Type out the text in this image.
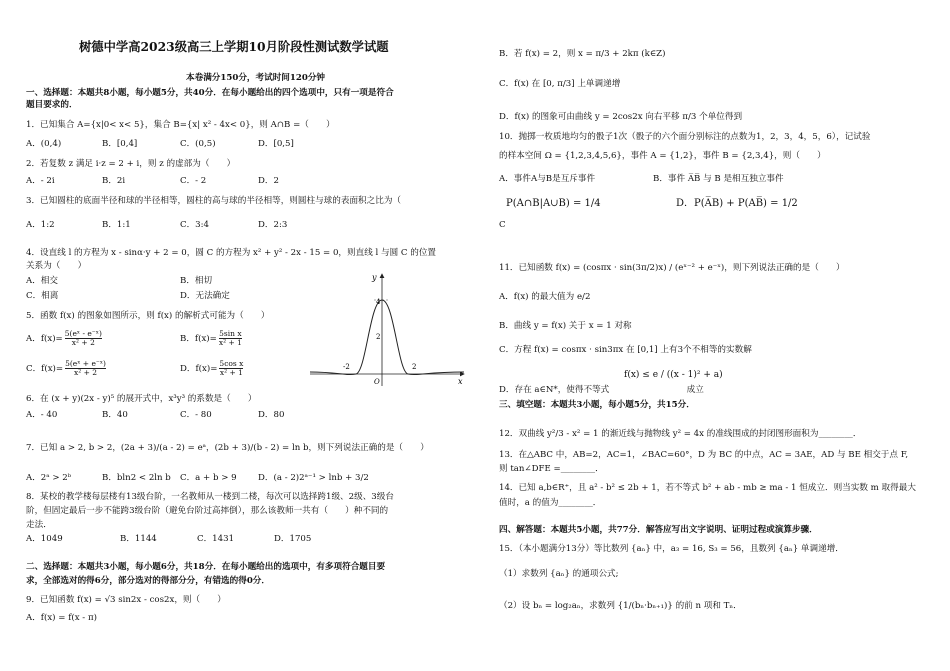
树德中学高2023级高三上学期10月阶段性测试数学试题
本卷满分150分，考试时间120分钟
一、选择题：本题共8小题，每小题5分，共40分．在每小题给出的四个选项中，只有一项是符合
题目要求的．
1．已知集合 A={x|0< x< 5}，集合 B={x| x² - 4x< 0}，则 A∩B =（　　）
A．(0,4)	B．[0,4]	C．(0,5)	D．[0,5]
2．若复数 z 满足 i·z = 2 + i，则 z 的虚部为（　　）
A．- 2i	B．2i	C．- 2	D．2
3．已知圆柱的底面半径和球的半径相等，圆柱的高与球的半径相等，则圆柱与球的表面积之比为（
A．1:2	B．1:1	C．3:4	D．2:3
4．设直线 l 的方程为 x - sinα·y + 2 = 0，圆 C 的方程为 x² + y² - 2x - 15 = 0，则直线 l 与圆 C 的位置
关系为（　　）
A．相交	B．相切
C．相离	D．无法确定
5．函数 f(x) 的图象如图所示，则 f(x) 的解析式可能为（　　）
A．$f(x)= \frac{\text{5(eˣ - e⁻ˣ)}}{\text{x² + 2}}$	B．$f(x)= \frac{\text{5sin x}}{\text{x² + 1}}$
C．$f(x)= \frac{\text{5(eˣ + e⁻ˣ)}}{\text{x² + 2}}$	D．$f(x)= \frac{\text{5cos x}}{\text{x² + 1}}$
y
x
4
2
-2	2
O
6．在 (x + y)(2x - y)⁵ 的展开式中，x³y³ 的系数是（　　）
A．- 40	B．40	C．- 80	D．80
7．已知 a > 2, b > 2，(2a + 3)/(a - 2) = eᵃ，(2b + 3)/(b - 2) = ln b，则下列说法正确的是（　　）
A．2ᵃ > 2ᵇ	B．bln2 < 2ln b C．a + b > 9 D．(a - 2)2ᵃ⁻¹ > lnb + 3/2
8．某校的教学楼每层楼有13级台阶，一名教师从一楼到二楼，每次可以选择跨1级、2级、3级台
阶，但固定最后一步不能跨3级台阶（避免台阶过高摔倒），那么该教师一共有（　　）种不同的
走法．
A．1049	B．1144	C．1431	D．1705
二、选择题：本题共3小题，每小题6分，共18分．在每小题给出的选项中，有多项符合题目要
求，全部选对的得6分，部分选对的得部分分，有错选的得0分．
9．已知函数 f(x) = √3 sin2x - cos2x，则（　　）
A．f(x) = f(x - π)
B．若 f(x) = 2，则 x = π/3 + 2kπ (k∈Z)
C．f(x) 在 [0, π/3] 上单调递增
D．f(x) 的图象可由曲线 y = 2cos2x 向右平移 π/3 个单位得到
10．抛掷一枚质地均匀的骰子1次（骰子的六个面分别标注的点数为1，2，3，4，5，6），记试验
的样本空间 Ω = {1,2,3,4,5,6}，事件 A = {1,2}，事件 B = {2,3,4}，则（　　）
A．事件A与B是互斥事件	B．事件 A̅B̅ 与 B 是相互独立事件
P(A∩B|A∪B) = 1/4
C
D．P(A̅B) + P(AB̅) = 1/2
11．已知函数 f(x) = (cosπx · sin(3π/2)x) / (eˣ⁻² + e⁻ˣ)，则下列说法正确的是（　　）
A．f(x) 的最大值为 e/2
B．曲线 y = f(x) 关于 x = 1 对称
C．方程 f(x) = cosπx · sin3πx 在 [0,1] 上有3个不相等的实数解
f(x) ≤ e / ((x - 1)² + a)
D．存在 a∈N*，使得不等式　　　　　　　　　成立
三、填空题：本题共3小题，每小题5分，共15分．
12．双曲线 y²/3 - x² = 1 的渐近线与抛物线 y² = 4x 的准线围成的封闭图形面积为________．
13．在△ABC 中，AB=2，AC=1，∠BAC=60°，D 为 BC 的中点，AC = 3AE，AD 与 BE 相交于点 F,
则 tan∠DFE =________．
14．已知 a,b∈R⁺，且 a² - b² ≤ 2b + 1，若不等式 b² + ab - mb ≥ ma - 1 恒成立．则当实数 m 取得最大
值时，a 的值为________．
四、解答题：本题共5小题，共77分．解答应写出文字说明、证明过程或演算步骤．
15．（本小题满分13分）等比数列 {aₙ} 中，a₃ = 16, S₃ = 56，且数列 {aₙ} 单调递增．
（1）求数列 {aₙ} 的通项公式;
（2）设 bₙ = log₂aₙ，求数列 {1/(bₙ·bₙ₊₁)} 的前 n 项和 Tₙ．
